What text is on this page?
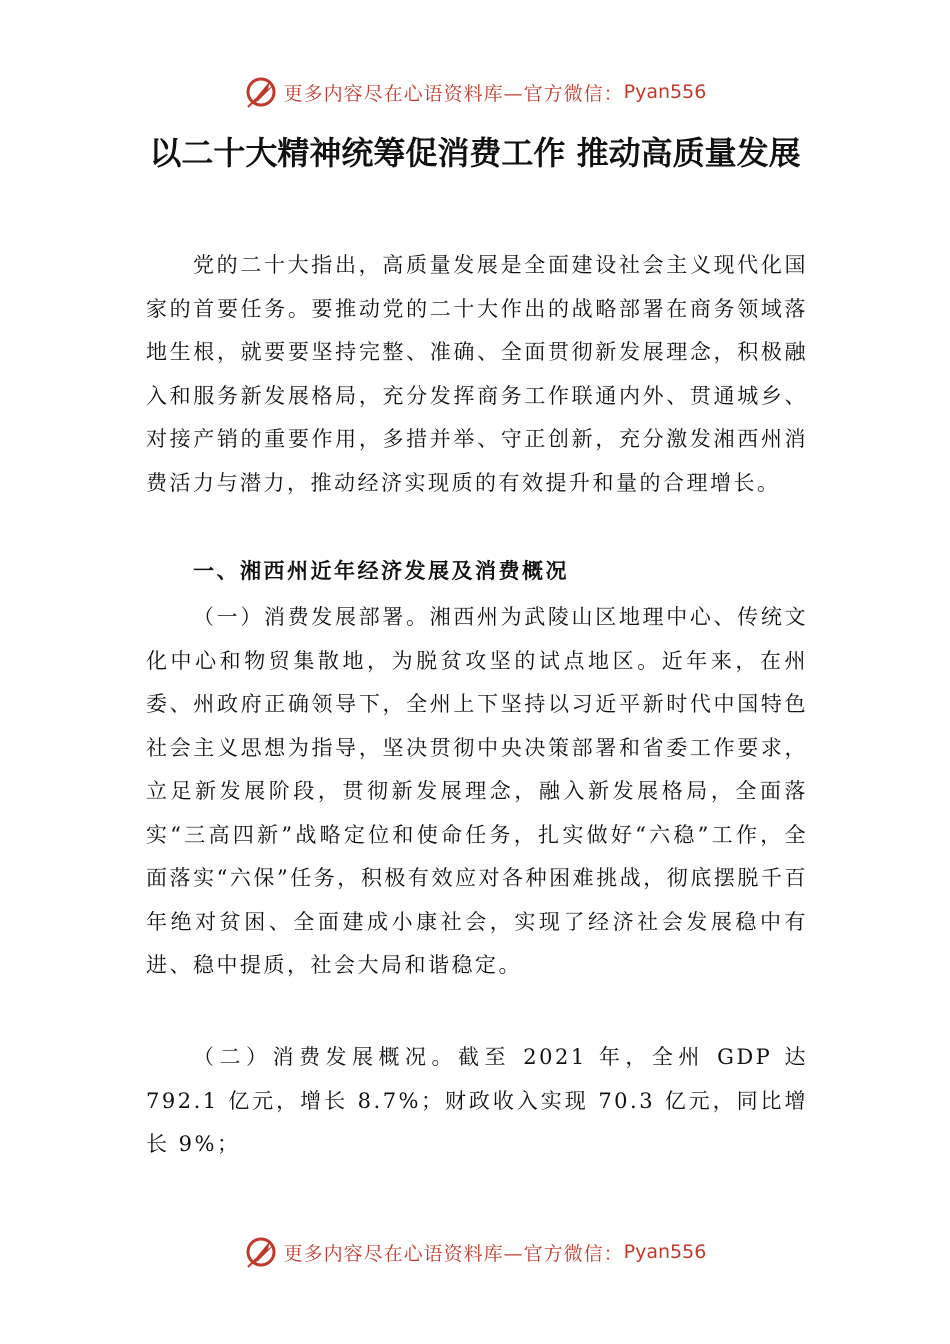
更多内容尽在心语资料库—官方微信： Pyan556
以二十大精神统筹促消费工作 推动高质量发展

党的二十大指出，高质量发展是全面建设社会主义现代化国家的首要任务。要推动党的二十大作出的战略部署在商务领域落地生根，就要要坚持完整、准确、全面贯彻新发展理念，积极融入和服务新发展格局，充分发挥商务工作联通内外、贯通城乡、对接产销的重要作用，多措并举、守正创新，充分激发湘西州消费活力与潜力，推动经济实现质的有效提升和量的合理增长。

一、湘西州近年经济发展及消费概况

（一）消费发展部署。湘西州为武陵山区地理中心、传统文化中心和物贸集散地，为脱贫攻坚的试点地区。近年来，在州委、州政府正确领导下，全州上下坚持以习近平新时代中国特色社会主义思想为指导，坚决贯彻中央决策部署和省委工作要求，立足新发展阶段，贯彻新发展理念，融入新发展格局，全面落实“三高四新”战略定位和使命任务，扎实做好“六稳”工作，全面落实“六保”任务，积极有效应对各种困难挑战，彻底摆脱千百年绝对贫困、全面建成小康社会，实现了经济社会发展稳中有进、稳中提质，社会大局和谐稳定。

（二）消费发展概况。截至 2021 年，全州 GDP 达 792.1 亿元，增长 8.7%；财政收入实现 70.3 亿元，同比增长 9%；

更多内容尽在心语资料库—官方微信： Pyan556
